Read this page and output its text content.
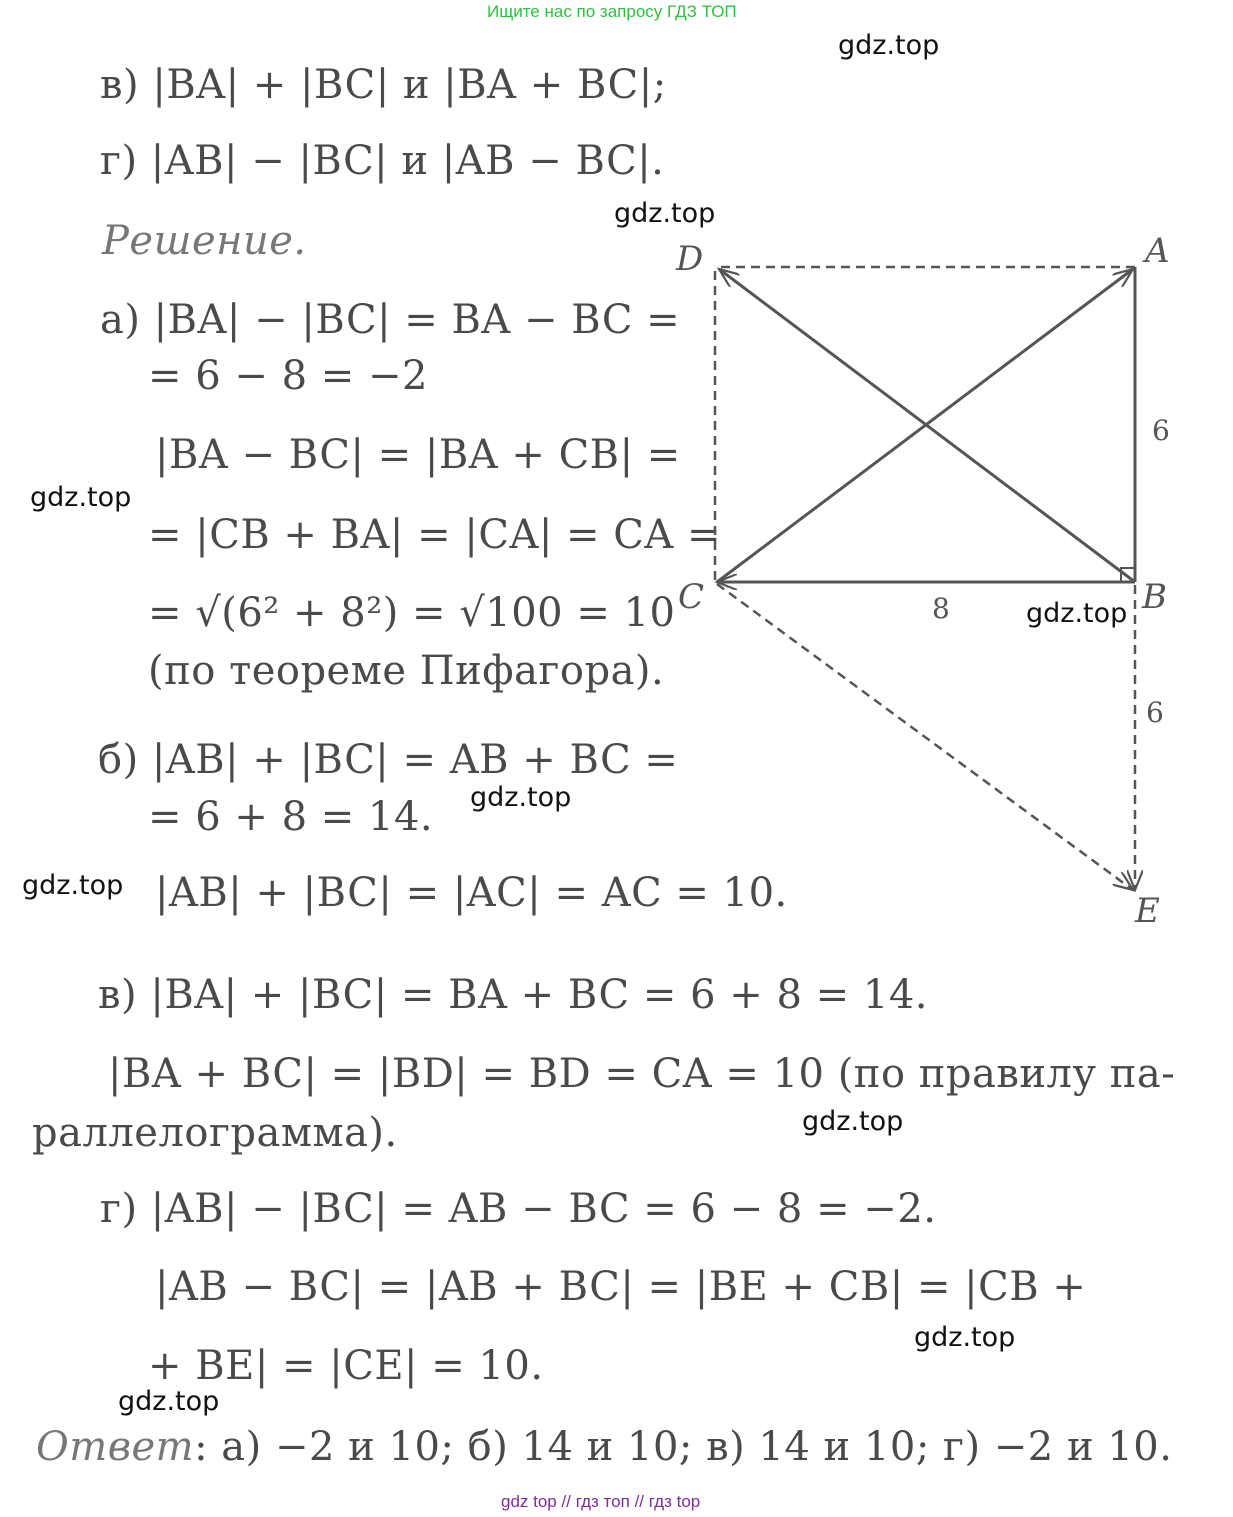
Ищите нас по запросу ГДЗ ТОП
в) |BA| + |BC| и |BA + BC|;
г) |AB| − |BC| и |AB − BC|.
Решение.
а) |BA| − |BC| = BA − BC =
= 6 − 8 = −2
|BA − BC| = |BA + CB| =
= |CB + BA| = |CA| = CA =
= √(6² + 8²) = √100 = 10
(по теореме Пифагора).
б) |AB| + |BC| = AB + BC =
= 6 + 8 = 14.
|AB| + |BC| = |AC| = AC = 10.
в) |BA| + |BC| = BA + BC = 6 + 8 = 14.
|BA + BC| = |BD| = BD = CA = 10 (по правилу па-
раллелограмма).
г) |AB| − |BC| = AB − BC = 6 − 8 = −2.
|AB − BC| = |AB + BC| = |BE + CB| = |CB +
+ BE| = |CE| = 10.
Ответ: а) −2 и 10; б) 14 и 10; в) 14 и 10; г) −2 и 10.
A
B
C
D
E
6
8
6
gdz.top
gdz.top
gdz.top
gdz.top
gdz.top
gdz.top
gdz.top
gdz.top
gdz.top
gdz top // гдз топ // гдз top
